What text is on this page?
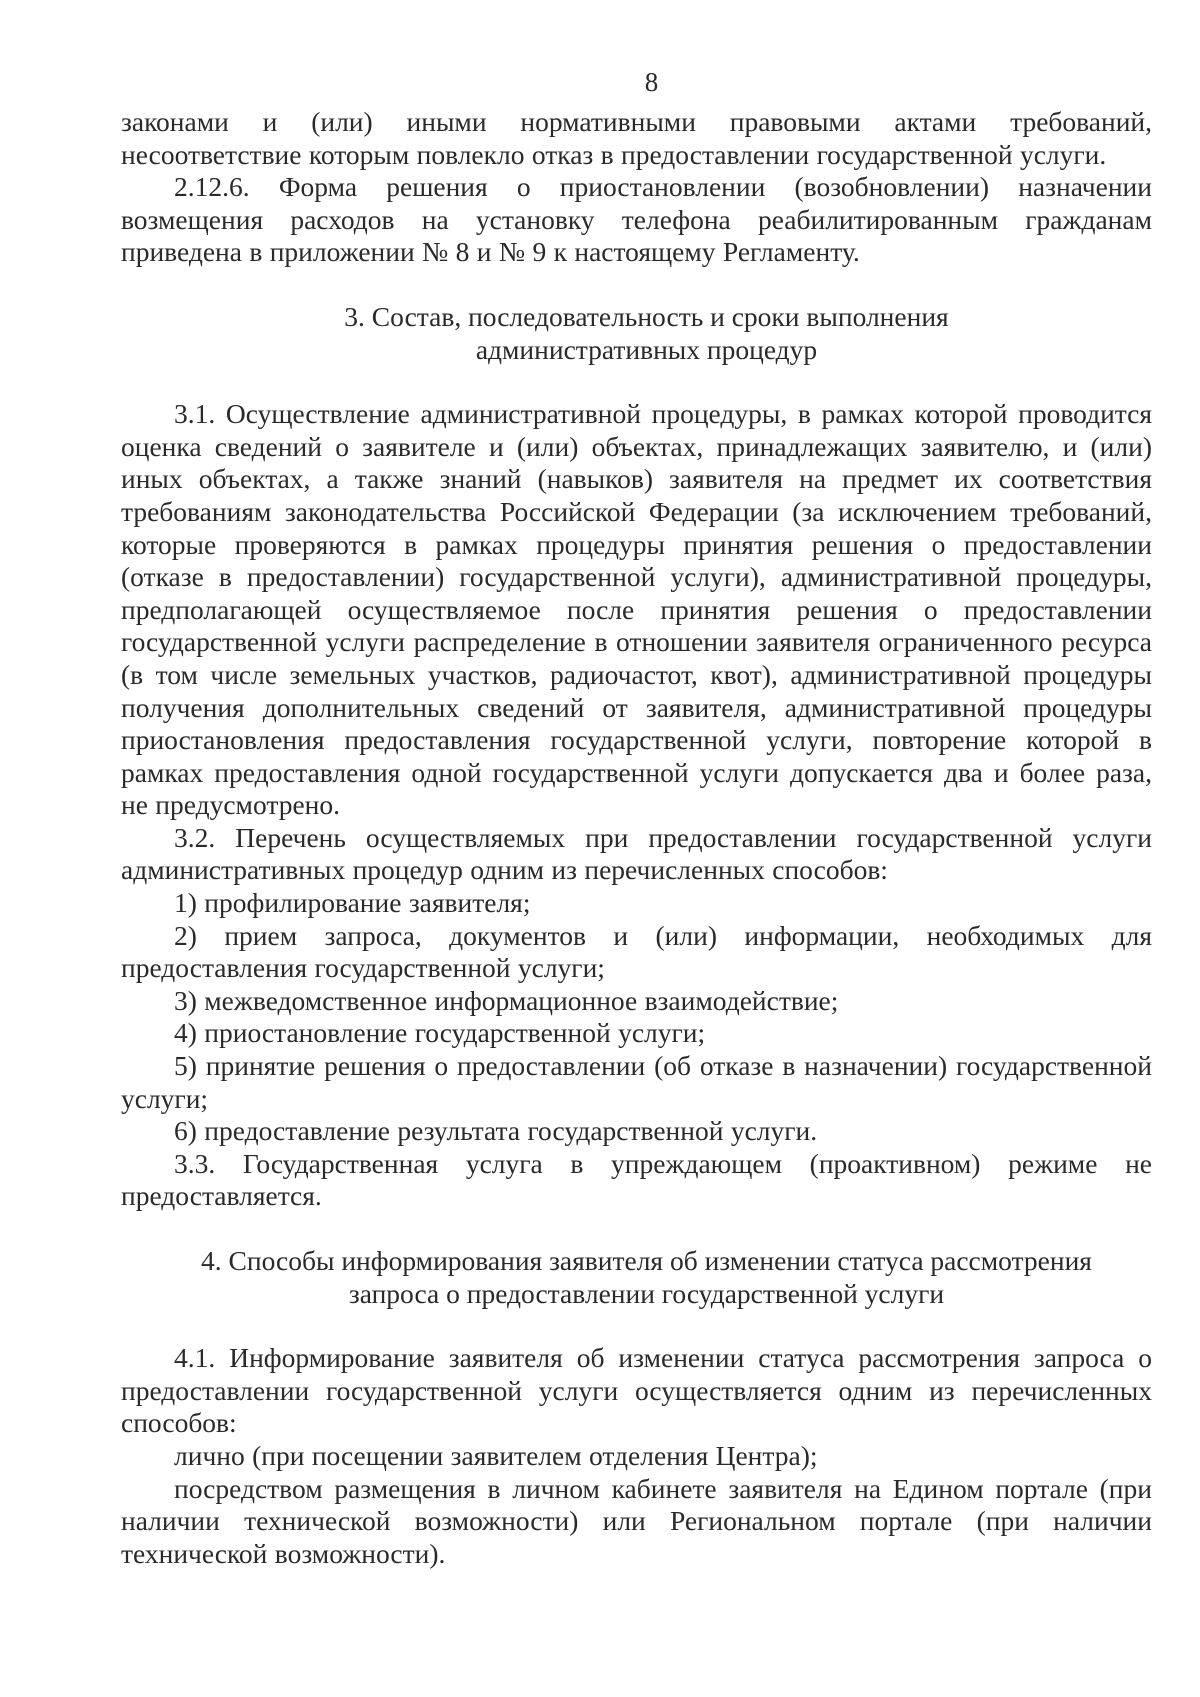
8

законами и (или) иными нормативными правовыми актами требований, несоответствие которым повлекло отказ в предоставлении государственной услуги.

2.12.6. Форма решения о приостановлении (возобновлении) назначении возмещения расходов на установку телефона реабилитированным гражданам приведена в приложении № 8 и № 9 к настоящему Регламенту.

3. Состав, последовательность и сроки выполнения

административных процедур

3.1. Осуществление административной процедуры, в рамках которой проводится оценка сведений о заявителе и (или) объектах, принадлежащих заявителю, и (или) иных объектах, а также знаний (навыков) заявителя на предмет их соответствия требованиям законодательства Российской Федерации (за исключением требований, которые проверяются в рамках процедуры принятия решения о предоставлении (отказе в предоставлении) государственной услуги), административной процедуры, предполагающей осуществляемое после принятия решения о предоставлении государственной услуги распределение в отношении заявителя ограниченного ресурса (в том числе земельных участков, радиочастот, квот), административной процедуры получения дополнительных сведений от заявителя, административной процедуры приостановления предоставления государственной услуги, повторение которой в рамках предоставления одной государственной услуги допускается два и более раза, не предусмотрено.

3.2. Перечень осуществляемых при предоставлении государственной услуги административных процедур одним из перечисленных способов:

1) профилирование заявителя;

2) прием запроса, документов и (или) информации, необходимых для предоставления государственной услуги;

3) межведомственное информационное взаимодействие;

4) приостановление государственной услуги;

5) принятие решения о предоставлении (об отказе в назначении) государственной услуги;

6) предоставление результата государственной услуги.

3.3. Государственная услуга в упреждающем (проактивном) режиме не предоставляется.

4. Способы информирования заявителя об изменении статуса рассмотрения

запроса о предоставлении государственной услуги

4.1. Информирование заявителя об изменении статуса рассмотрения запроса о предоставлении государственной услуги осуществляется одним из перечисленных способов:

лично (при посещении заявителем отделения Центра);

посредством размещения в личном кабинете заявителя на Едином портале (при наличии технической возможности) или Региональном портале (при наличии технической возможности).
